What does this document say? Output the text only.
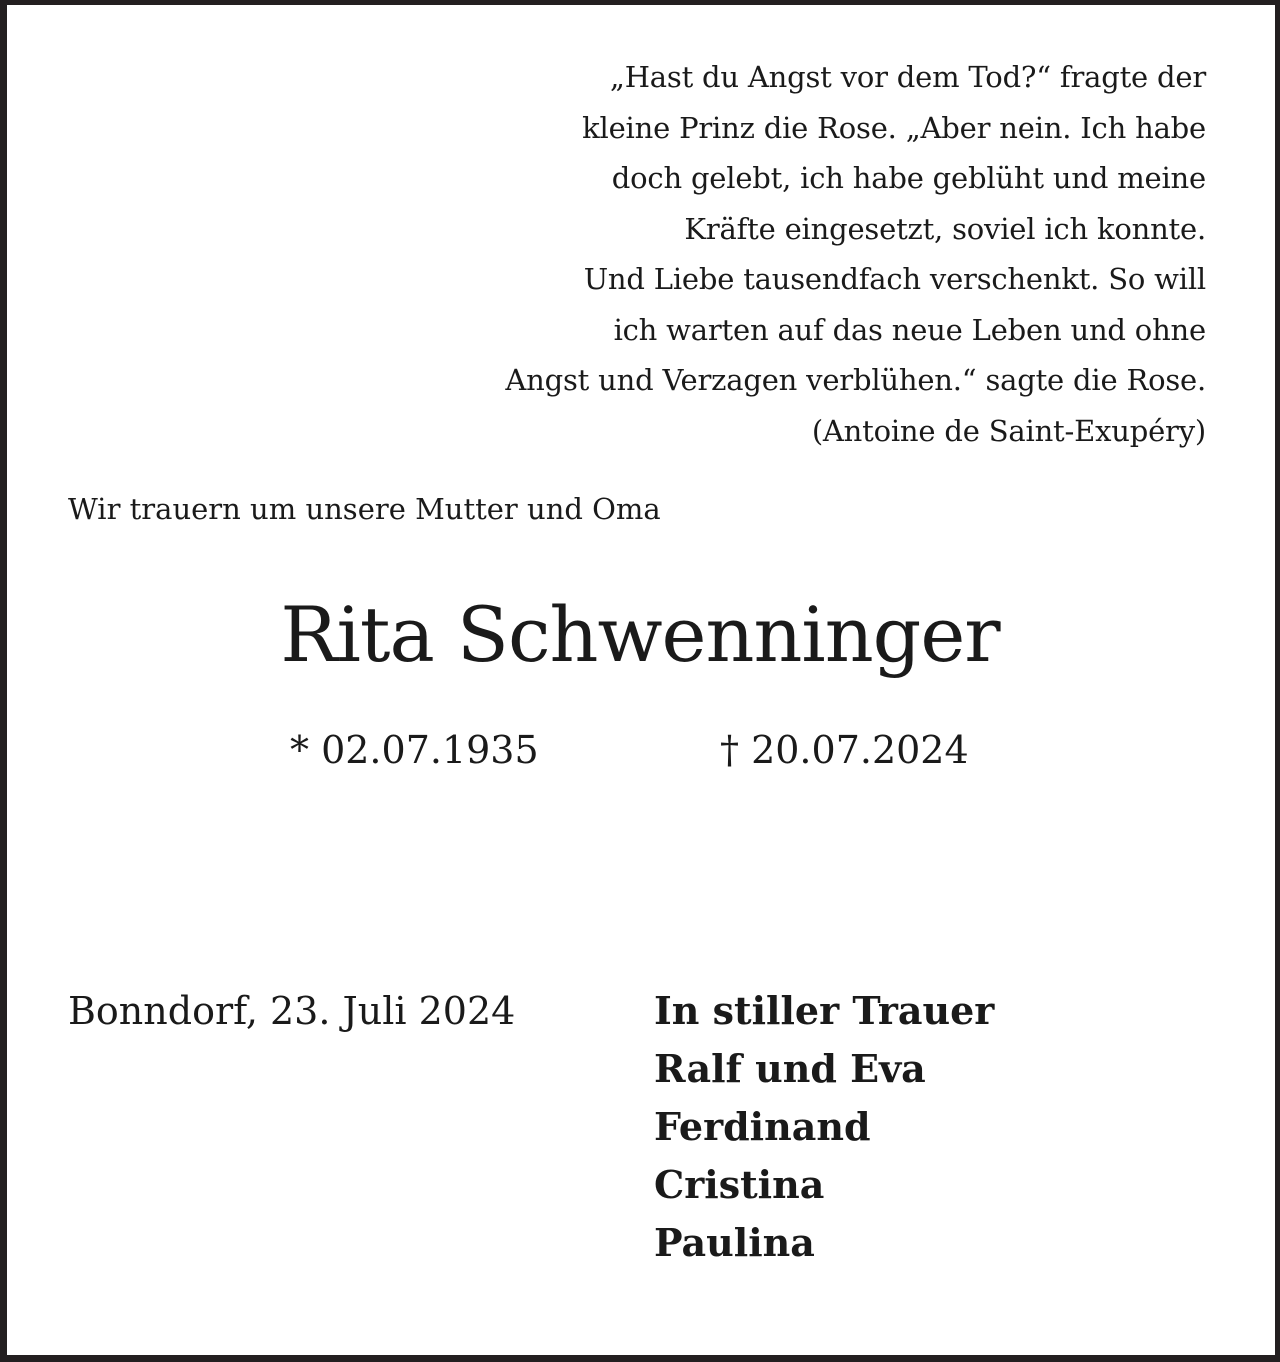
„Hast du Angst vor dem Tod?“ fragte der
kleine Prinz die Rose. „Aber nein. Ich habe
doch gelebt, ich habe geblüht und meine
Kräfte eingesetzt, soviel ich konnte.
Und Liebe tausendfach verschenkt. So will
ich warten auf das neue Leben und ohne
Angst und Verzagen verblühen.“ sagte die Rose.
(Antoine de Saint-Exupéry)
Wir trauern um unsere Mutter und Oma
Rita Schwenninger
* 02.07.1935	† 20.07.2024
Bonndorf, 23. Juli 2024	In stiller Trauer
Ralf und Eva
Ferdinand
Cristina
Paulina
